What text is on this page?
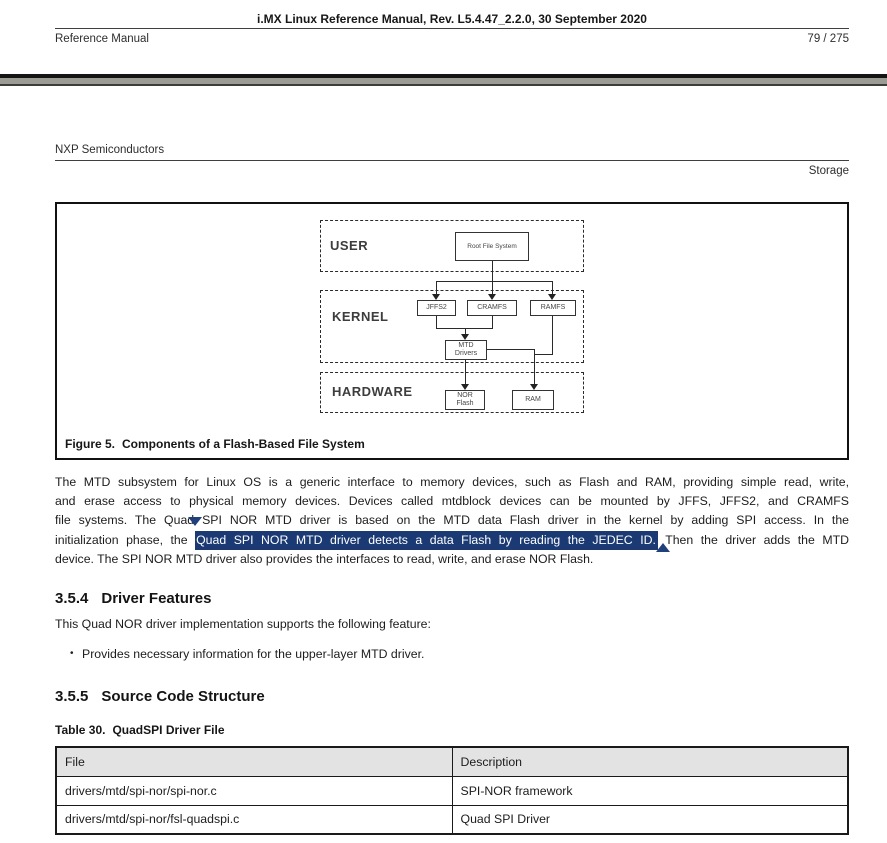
i.MX Linux Reference Manual, Rev. L5.4.47_2.2.0, 30 September 2020
Reference Manual	79 / 275
NXP Semiconductors
Storage
USER
KERNEL
HARDWARE
Root File System
JFFS2	CRAMFS	RAMFS
MTD
Drivers
NOR
Flash
RAM
Figure 5. Components of a Flash-Based File System
The MTD subsystem for Linux OS is a generic interface to memory devices, such as Flash and RAM, providing simple read, write,
and erase access to physical memory devices. Devices called mtdblock devices can be mounted by JFFS, JFFS2, and CRAMFS
file systems. The Quad SPI NOR MTD driver is based on the MTD data Flash driver in the kernel by adding SPI access. In the
initialization phase, the Quad SPI NOR MTD driver detects a data Flash by reading the JEDEC ID. Then the driver adds the MTD
device. The SPI NOR MTD driver also provides the interfaces to read, write, and erase NOR Flash.
3.5.4 Driver Features
This Quad NOR driver implementation supports the following feature:
• Provides necessary information for the upper-layer MTD driver.
3.5.5 Source Code Structure
Table 30. QuadSPI Driver File
File	Description
drivers/mtd/spi-nor/spi-nor.c	SPI-NOR framework
drivers/mtd/spi-nor/fsl-quadspi.c	Quad SPI Driver
